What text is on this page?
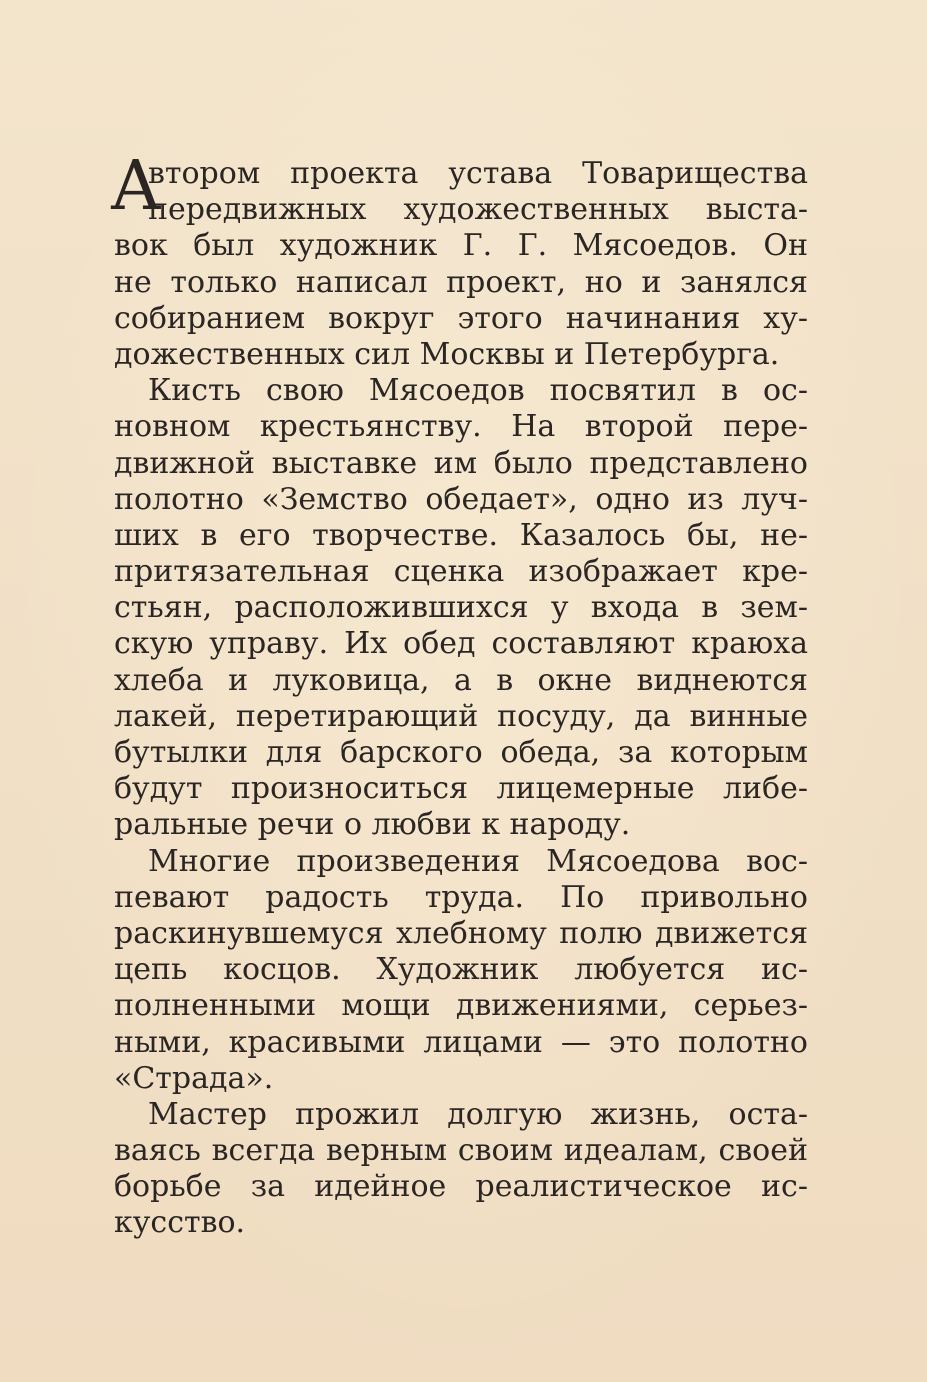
А
втором проекта устава Товарищества
передвижных художественных выста-
вок был художник Г. Г. Мясоедов. Он
не только написал проект, но и занялся
собиранием вокруг этого начинания ху-
дожественных сил Москвы и Петербурга.
Кисть свою Мясоедов посвятил в ос-
новном крестьянству. На второй пере-
движной выставке им было представлено
полотно «Земство обедает», одно из луч-
ших в его творчестве. Казалось бы, не-
притязательная сценка изображает кре-
стьян, расположившихся у входа в зем-
скую управу. Их обед составляют краюха
хлеба и луковица, а в окне виднеются
лакей, перетирающий посуду, да винные
бутылки для барского обеда, за которым
будут произноситься лицемерные либе-
ральные речи о любви к народу.
Многие произведения Мясоедова вос-
певают радость труда. По привольно
раскинувшемуся хлебному полю движется
цепь косцов. Художник любуется ис-
полненными мощи движениями, серьез-
ными, красивыми лицами — это полотно
«Страда».
Мастер прожил долгую жизнь, оста-
ваясь всегда верным своим идеалам, своей
борьбе за идейное реалистическое ис-
кусство.
